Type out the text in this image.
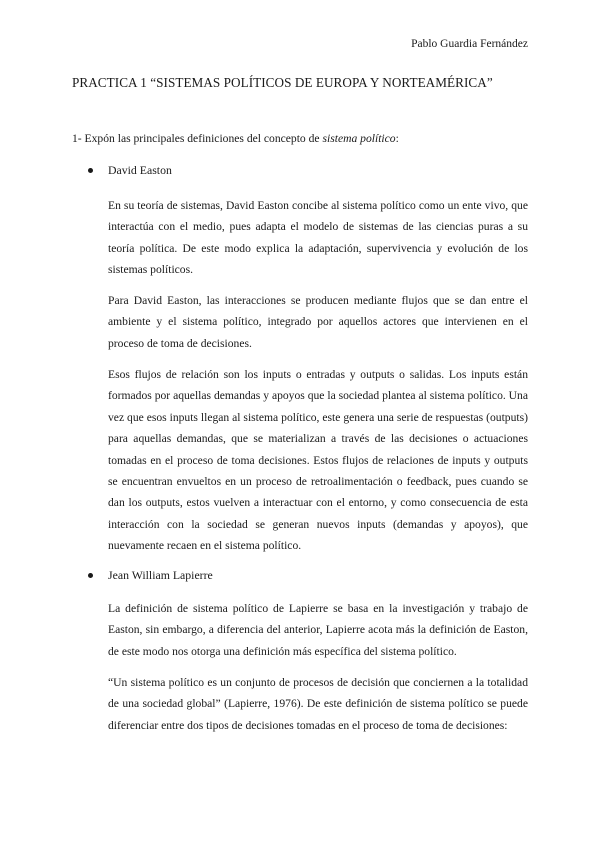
Pablo Guardia Fernández
PRACTICA 1 “SISTEMAS POLÍTICOS DE EUROPA Y NORTEAMÉRICA”
1- Expón las principales definiciones del concepto de sistema político:
David Easton
En su teoría de sistemas, David Easton concibe al sistema político como un ente vivo, que interactúa con el medio, pues adapta el modelo de sistemas de las ciencias puras a su teoría política. De este modo explica la adaptación, supervivencia y evolución de los sistemas políticos.
Para David Easton, las interacciones se producen mediante flujos que se dan entre el ambiente y el sistema político, integrado por aquellos actores que intervienen en el proceso de toma de decisiones.
Esos flujos de relación son los inputs o entradas y outputs o salidas. Los inputs están formados por aquellas demandas y apoyos que la sociedad plantea al sistema político. Una vez que esos inputs llegan al sistema político, este genera una serie de respuestas (outputs) para aquellas demandas, que se materializan a través de las decisiones o actuaciones tomadas en el proceso de toma decisiones. Estos flujos de relaciones de inputs y outputs se encuentran envueltos en un proceso de retroalimentación o feedback, pues cuando se dan los outputs, estos vuelven a interactuar con el entorno, y como consecuencia de esta interacción con la sociedad se generan nuevos inputs (demandas y apoyos), que nuevamente recaen en el sistema político.
Jean William Lapierre
La definición de sistema político de Lapierre se basa en la investigación y trabajo de Easton, sin embargo, a diferencia del anterior, Lapierre acota más la definición de Easton, de este modo nos otorga una definición más específica del sistema político.
“Un sistema político es un conjunto de procesos de decisión que conciernen a la totalidad de una sociedad global” (Lapierre, 1976). De este definición de sistema político se puede diferenciar entre dos tipos de decisiones tomadas en el proceso de toma de decisiones:
